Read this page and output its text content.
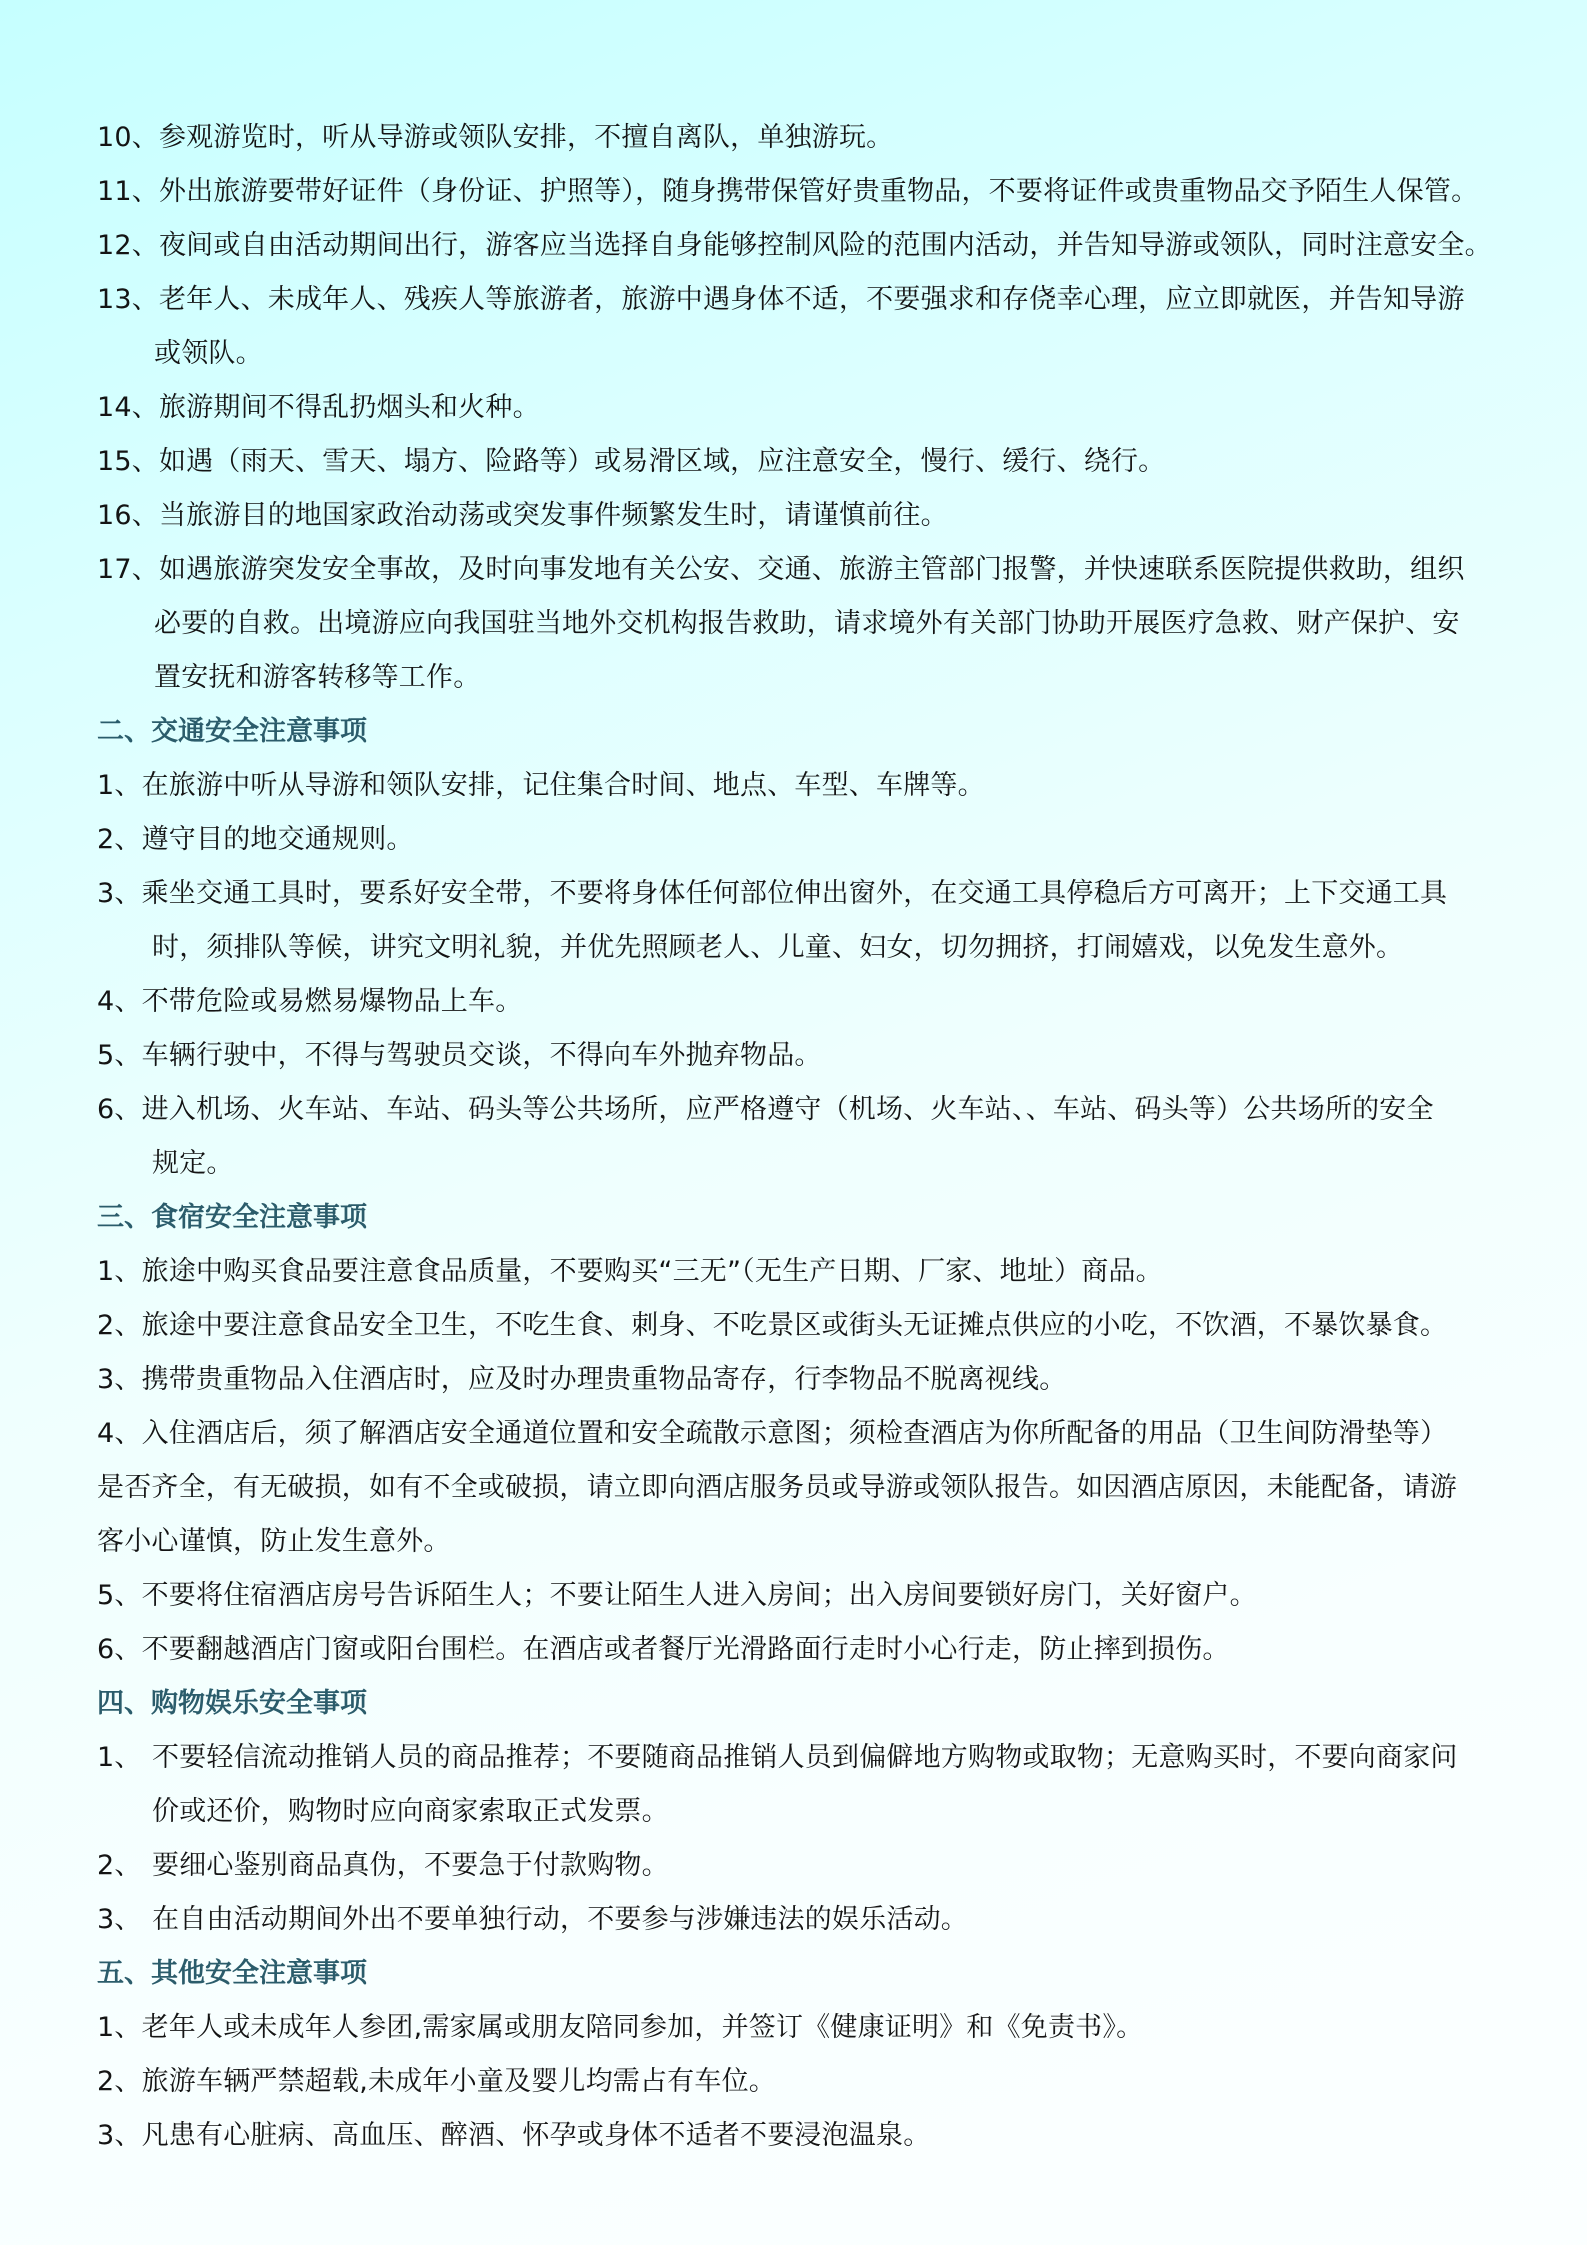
10、参观游览时，听从导游或领队安排，不擅自离队，单独游玩。
11、外出旅游要带好证件（身份证、护照等），随身携带保管好贵重物品，不要将证件或贵重物品交予陌生人保管。
12、夜间或自由活动期间出行，游客应当选择自身能够控制风险的范围内活动，并告知导游或领队，同时注意安全。
13、老年人、未成年人、残疾人等旅游者，旅游中遇身体不适，不要强求和存侥幸心理，应立即就医，并告知导游
或领队。
14、旅游期间不得乱扔烟头和火种。
15、如遇（雨天、雪天、塌方、险路等）或易滑区域，应注意安全，慢行、缓行、绕行。
16、当旅游目的地国家政治动荡或突发事件频繁发生时，请谨慎前往。
17、如遇旅游突发安全事故，及时向事发地有关公安、交通、旅游主管部门报警，并快速联系医院提供救助，组织
必要的自救。出境游应向我国驻当地外交机构报告救助，请求境外有关部门协助开展医疗急救、财产保护、安
置安抚和游客转移等工作。
二、交通安全注意事项
1、在旅游中听从导游和领队安排，记住集合时间、地点、车型、车牌等。
2、遵守目的地交通规则。
3、乘坐交通工具时，要系好安全带，不要将身体任何部位伸出窗外，在交通工具停稳后方可离开；上下交通工具
时，须排队等候，讲究文明礼貌，并优先照顾老人、儿童、妇女，切勿拥挤，打闹嬉戏，以免发生意外。
4、不带危险或易燃易爆物品上车。
5、车辆行驶中，不得与驾驶员交谈，不得向车外抛弃物品。
6、进入机场、火车站、车站、码头等公共场所，应严格遵守（机场、火车站、、车站、码头等）公共场所的安全
规定。
三、食宿安全注意事项
1、旅途中购买食品要注意食品质量，不要购买“三无”（无生产日期、厂家、地址）商品。
2、旅途中要注意食品安全卫生，不吃生食、刺身、不吃景区或街头无证摊点供应的小吃，不饮酒，不暴饮暴食。
3、携带贵重物品入住酒店时，应及时办理贵重物品寄存，行李物品不脱离视线。
4、入住酒店后，须了解酒店安全通道位置和安全疏散示意图；须检查酒店为你所配备的用品（卫生间防滑垫等）
是否齐全，有无破损，如有不全或破损，请立即向酒店服务员或导游或领队报告。如因酒店原因，未能配备，请游
客小心谨慎，防止发生意外。
5、不要将住宿酒店房号告诉陌生人；不要让陌生人进入房间；出入房间要锁好房门，关好窗户。
6、不要翻越酒店门窗或阳台围栏。在酒店或者餐厅光滑路面行走时小心行走，防止摔到损伤。
四、购物娱乐安全事项
1、 不要轻信流动推销人员的商品推荐；不要随商品推销人员到偏僻地方购物或取物；无意购买时，不要向商家问
价或还价，购物时应向商家索取正式发票。
2、 要细心鉴别商品真伪，不要急于付款购物。
3、 在自由活动期间外出不要单独行动，不要参与涉嫌违法的娱乐活动。
五、其他安全注意事项
1、老年人或未成年人参团,需家属或朋友陪同参加，并签订《健康证明》和《免责书》。
2、旅游车辆严禁超载,未成年小童及婴儿均需占有车位。
3、凡患有心脏病、高血压、醉酒、怀孕或身体不适者不要浸泡温泉。
